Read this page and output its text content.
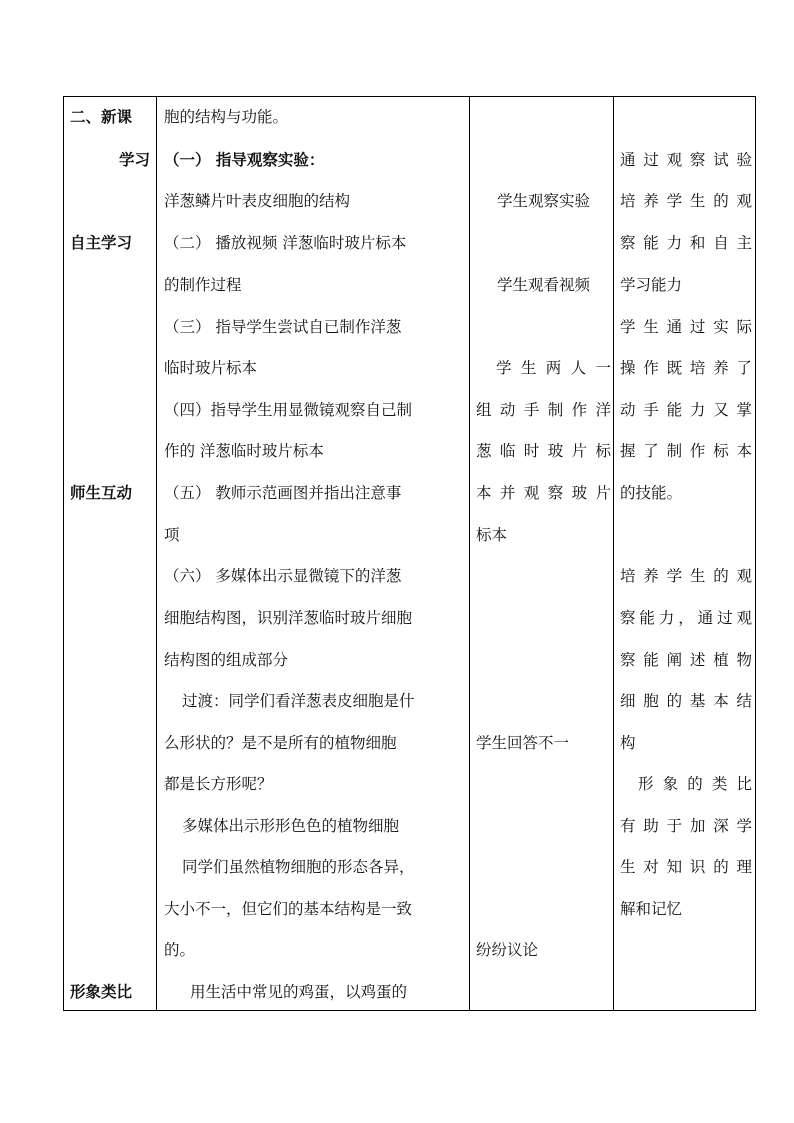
二、新课
学习
自主学习
师生互动
形象类比
胞的结构与功能。
（一） 指导观察实验：
洋葱鳞片叶表皮细胞的结构
（二） 播放视频 洋葱临时玻片标本
的制作过程
（三） 指导学生尝试自已制作洋葱
临时玻片标本
（四）指导学生用显微镜观察自己制
作的 洋葱临时玻片标本
（五） 教师示范画图并指出注意事
项
（六） 多媒体出示显微镜下的洋葱
细胞结构图，识别洋葱临时玻片细胞
结构图的组成部分
过渡：同学们看洋葱表皮细胞是什
么形状的？是不是所有的植物细胞
都是长方形呢？
多媒体出示形形色色的植物细胞
同学们虽然植物细胞的形态各异，
大小不一，但它们的基本结构是一致
的。
用生活中常见的鸡蛋，以鸡蛋的
学生观察实验
学生观看视频
学生两人一
组动手制作洋
葱临时玻片标
本并观察玻片
标本
学生回答不一
纷纷议论
通过观察试验
培养学生的观
察能力和自主
学习能力
学生通过实际
操作既培养了
动手能力又掌
握了制作标本
的技能。
培养学生的观
察能力，通过观
察能阐述植物
细胞的基本结
构
形象的类比
有助于加深学
生对知识的理
解和记忆
